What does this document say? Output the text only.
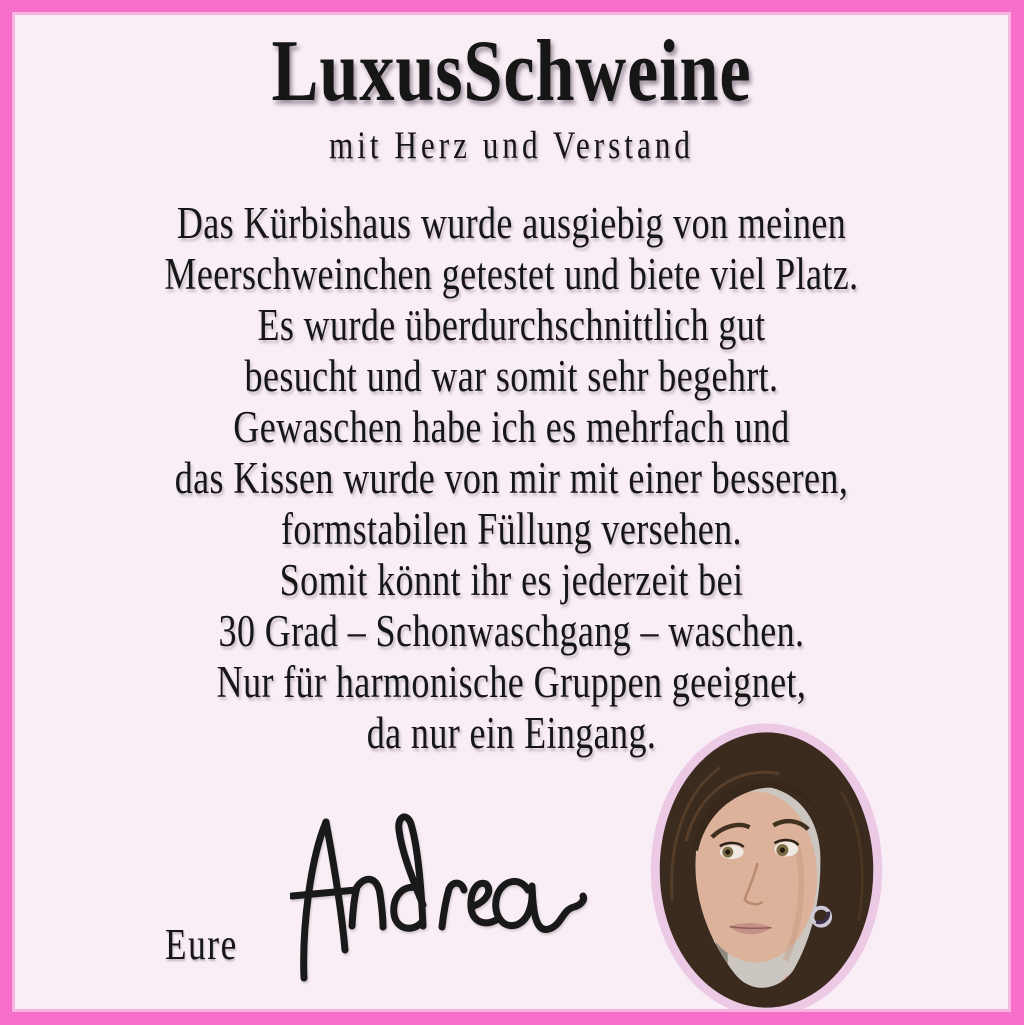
LuxusSchweine
mit Herz und Verstand
Das Kürbishaus wurde ausgiebig von meinen
Meerschweinchen getestet und biete viel Platz.
Es wurde überdurchschnittlich gut
besucht und war somit sehr begehrt.
Gewaschen habe ich es mehrfach und
das Kissen wurde von mir mit einer besseren,
formstabilen Füllung versehen.
Somit könnt ihr es jederzeit bei
30 Grad – Schonwaschgang – waschen.
Nur für harmonische Gruppen geeignet,
da nur ein Eingang.
Eure
